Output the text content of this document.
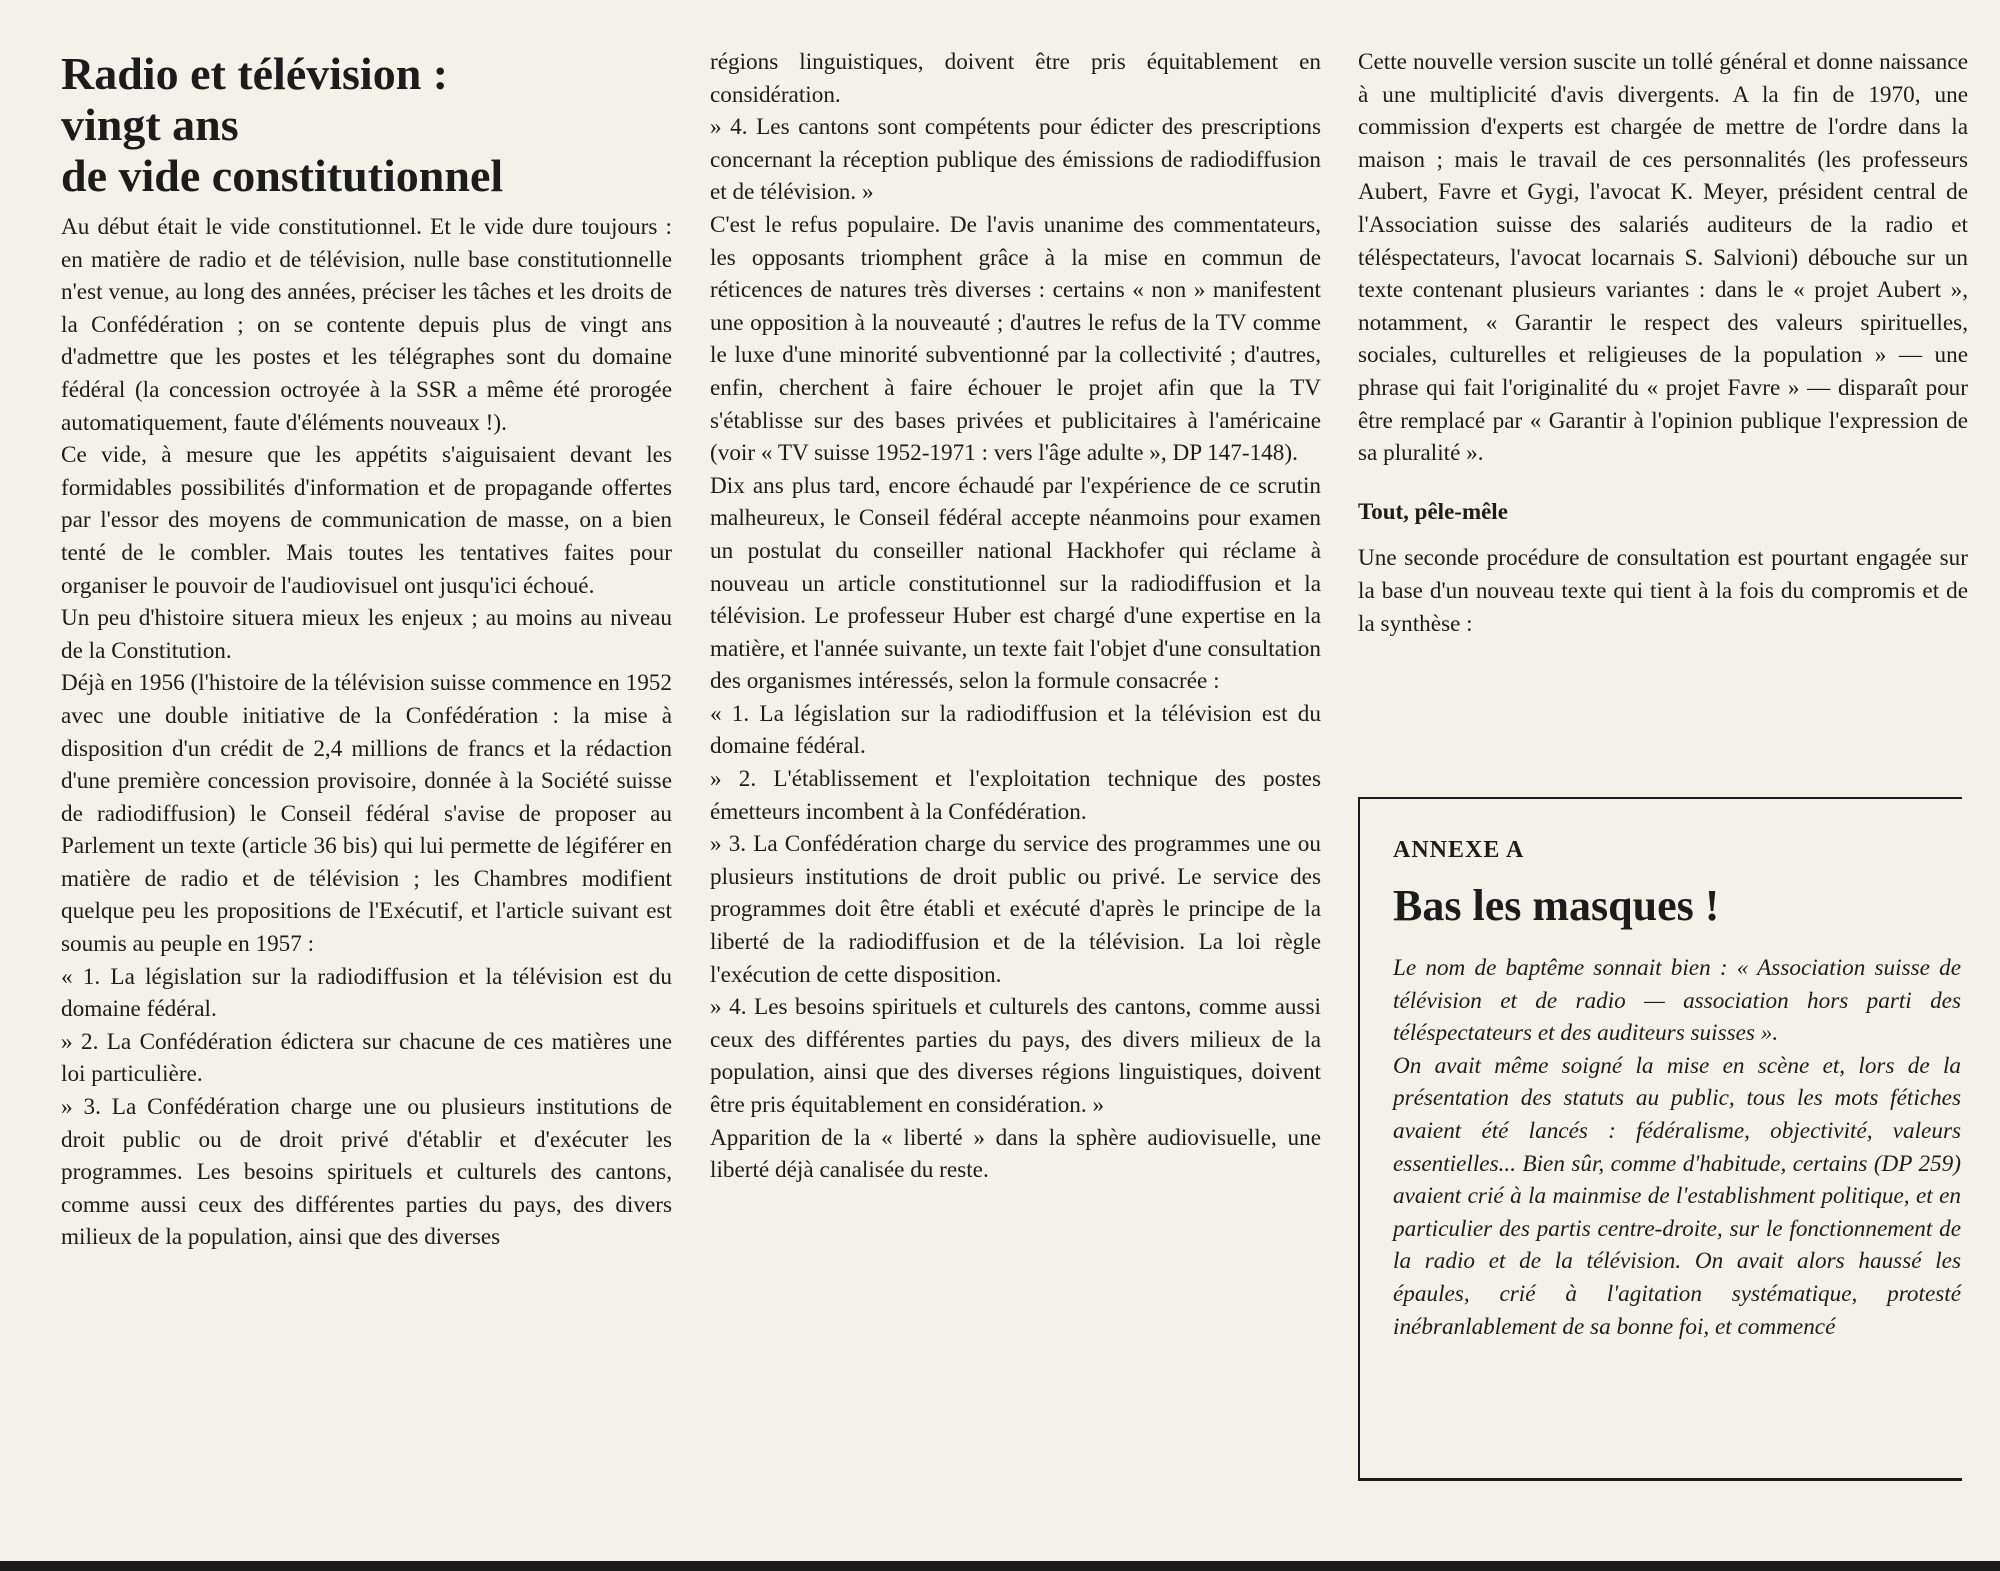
Radio et télévision :
vingt ans
de vide constitutionnel

Au début était le vide constitutionnel. Et le vide dure toujours : en matière de radio et de télévision, nulle base constitutionnelle n'est venue, au long des années, préciser les tâches et les droits de la Confédération ; on se contente depuis plus de vingt ans d'admettre que les postes et les télégraphes sont du domaine fédéral (la concession octroyée à la SSR a même été prorogée automatiquement, faute d'éléments nouveaux !).

Ce vide, à mesure que les appétits s'aiguisaient devant les formidables possibilités d'information et de propagande offertes par l'essor des moyens de communication de masse, on a bien tenté de le combler. Mais toutes les tentatives faites pour organiser le pouvoir de l'audiovisuel ont jusqu'ici échoué.

Un peu d'histoire situera mieux les enjeux ; au moins au niveau de la Constitution.

Déjà en 1956 (l'histoire de la télévision suisse commence en 1952 avec une double initiative de la Confédération : la mise à disposition d'un crédit de 2,4 millions de francs et la rédaction d'une première concession provisoire, donnée à la Société suisse de radiodiffusion) le Conseil fédéral s'avise de proposer au Parlement un texte (article 36 bis) qui lui permette de légiférer en matière de radio et de télévision ; les Chambres modifient quelque peu les propositions de l'Exécutif, et l'article suivant est soumis au peuple en 1957 :

« 1. La législation sur la radiodiffusion et la télévision est du domaine fédéral.

» 2. La Confédération édictera sur chacune de ces matières une loi particulière.

» 3. La Confédération charge une ou plusieurs institutions de droit public ou de droit privé d'établir et d'exécuter les programmes. Les besoins spirituels et culturels des cantons, comme aussi ceux des différentes parties du pays, des divers milieux de la population, ainsi que des diverses

régions linguistiques, doivent être pris équitablement en considération.

» 4. Les cantons sont compétents pour édicter des prescriptions concernant la réception publique des émissions de radiodiffusion et de télévision. »

C'est le refus populaire. De l'avis unanime des commentateurs, les opposants triomphent grâce à la mise en commun de réticences de natures très diverses : certains « non » manifestent une opposition à la nouveauté ; d'autres le refus de la TV comme le luxe d'une minorité subventionné par la collectivité ; d'autres, enfin, cherchent à faire échouer le projet afin que la TV s'établisse sur des bases privées et publicitaires à l'américaine (voir « TV suisse 1952-1971 : vers l'âge adulte », DP 147-148).

Dix ans plus tard, encore échaudé par l'expérience de ce scrutin malheureux, le Conseil fédéral accepte néanmoins pour examen un postulat du conseiller national Hackhofer qui réclame à nouveau un article constitutionnel sur la radiodiffusion et la télévision. Le professeur Huber est chargé d'une expertise en la matière, et l'année suivante, un texte fait l'objet d'une consultation des organismes intéressés, selon la formule consacrée :

« 1. La législation sur la radiodiffusion et la télévision est du domaine fédéral.

» 2. L'établissement et l'exploitation technique des postes émetteurs incombent à la Confédération.

» 3. La Confédération charge du service des programmes une ou plusieurs institutions de droit public ou privé. Le service des programmes doit être établi et exécuté d'après le principe de la liberté de la radiodiffusion et de la télévision. La loi règle l'exécution de cette disposition.

» 4. Les besoins spirituels et culturels des cantons, comme aussi ceux des différentes parties du pays, des divers milieux de la population, ainsi que des diverses régions linguistiques, doivent être pris équitablement en considération. »

Apparition de la « liberté » dans la sphère audiovisuelle, une liberté déjà canalisée du reste.

Cette nouvelle version suscite un tollé général et donne naissance à une multiplicité d'avis divergents. A la fin de 1970, une commission d'experts est chargée de mettre de l'ordre dans la maison ; mais le travail de ces personnalités (les professeurs Aubert, Favre et Gygi, l'avocat K. Meyer, président central de l'Association suisse des salariés auditeurs de la radio et téléspectateurs, l'avocat locarnais S. Salvioni) débouche sur un texte contenant plusieurs variantes : dans le « projet Aubert », notamment, « Garantir le respect des valeurs spirituelles, sociales, culturelles et religieuses de la population » — une phrase qui fait l'originalité du « projet Favre » — disparaît pour être remplacé par « Garantir à l'opinion publique l'expression de sa pluralité ».

Tout, pêle-mêle

Une seconde procédure de consultation est pourtant engagée sur la base d'un nouveau texte qui tient à la fois du compromis et de la synthèse :

ANNEXE A
Bas les masques !

Le nom de baptême sonnait bien : « Association suisse de télévision et de radio — association hors parti des téléspectateurs et des auditeurs suisses ».

On avait même soigné la mise en scène et, lors de la présentation des statuts au public, tous les mots fétiches avaient été lancés : fédéralisme, objectivité, valeurs essentielles... Bien sûr, comme d'habitude, certains (DP 259) avaient crié à la mainmise de l'establishment politique, et en particulier des partis centre-droite, sur le fonctionnement de la radio et de la télévision. On avait alors haussé les épaules, crié à l'agitation systématique, protesté inébranlablement de sa bonne foi, et commencé
